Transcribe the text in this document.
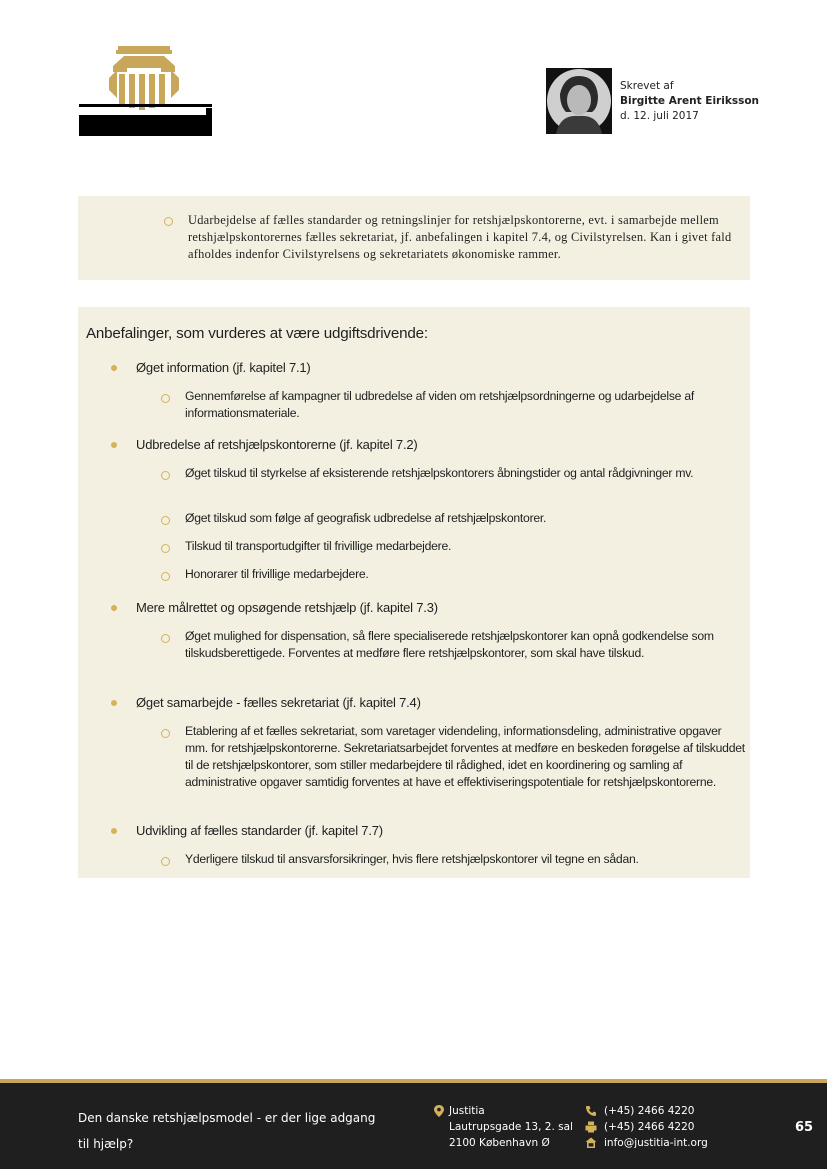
Skrevet af
Birgitte Arent Eiriksson
d. 12. juli 2017
Udarbejdelse af fælles standarder og retningslinjer for retshjælpskontorerne, evt. i samarbejde mellem retshjælpskontorernes fælles sekretariat, jf. anbefalingen i kapitel 7.4, og Civilstyrelsen. Kan i givet fald afholdes indenfor Civilstyrelsens og sekretariatets økonomiske rammer.
Anbefalinger, som vurderes at være udgiftsdrivende:
Øget information (jf. kapitel 7.1)
Gennemførelse af kampagner til udbredelse af viden om retshjælpsordningerne og udarbejdelse af informationsmateriale.
Udbredelse af retshjælpskontorerne (jf. kapitel 7.2)
Øget tilskud til styrkelse af eksisterende retshjælpskontorers åbningstider og antal rådgivninger mv.
Øget tilskud som følge af geografisk udbredelse af retshjælpskontorer.
Tilskud til transportudgifter til frivillige medarbejdere.
Honorarer til frivillige medarbejdere.
Mere målrettet og opsøgende retshjælp (jf. kapitel 7.3)
Øget mulighed for dispensation, så flere specialiserede retshjælpskontorer kan opnå godkendelse som tilskudsberettigede. Forventes at medføre flere retshjælpskontorer, som skal have tilskud.
Øget samarbejde - fælles sekretariat (jf. kapitel 7.4)
Etablering af et fælles sekretariat, som varetager videndeling, informationsdeling, administrative opgaver mm. for retshjælpskontorerne. Sekretariatsarbejdet forventes at medføre en beskeden forøgelse af tilskuddet til de retshjælpskontorer, som stiller medarbejdere til rådighed, idet en koordinering og samling af administrative opgaver samtidig forventes at have et effektiviseringspotentiale for retshjælpskontorerne.
Udvikling af fælles standarder (jf. kapitel 7.7)
Yderligere tilskud til ansvarsforsikringer, hvis flere retshjælpskontorer vil tegne en sådan.
Den danske retshjælpsmodel - er der lige adgang til hjælp?
Justitia
Lautrupsgade 13, 2. sal
2100 København Ø
(+45) 2466 4220
(+45) 2466 4220
info@justitia-int.org
65
